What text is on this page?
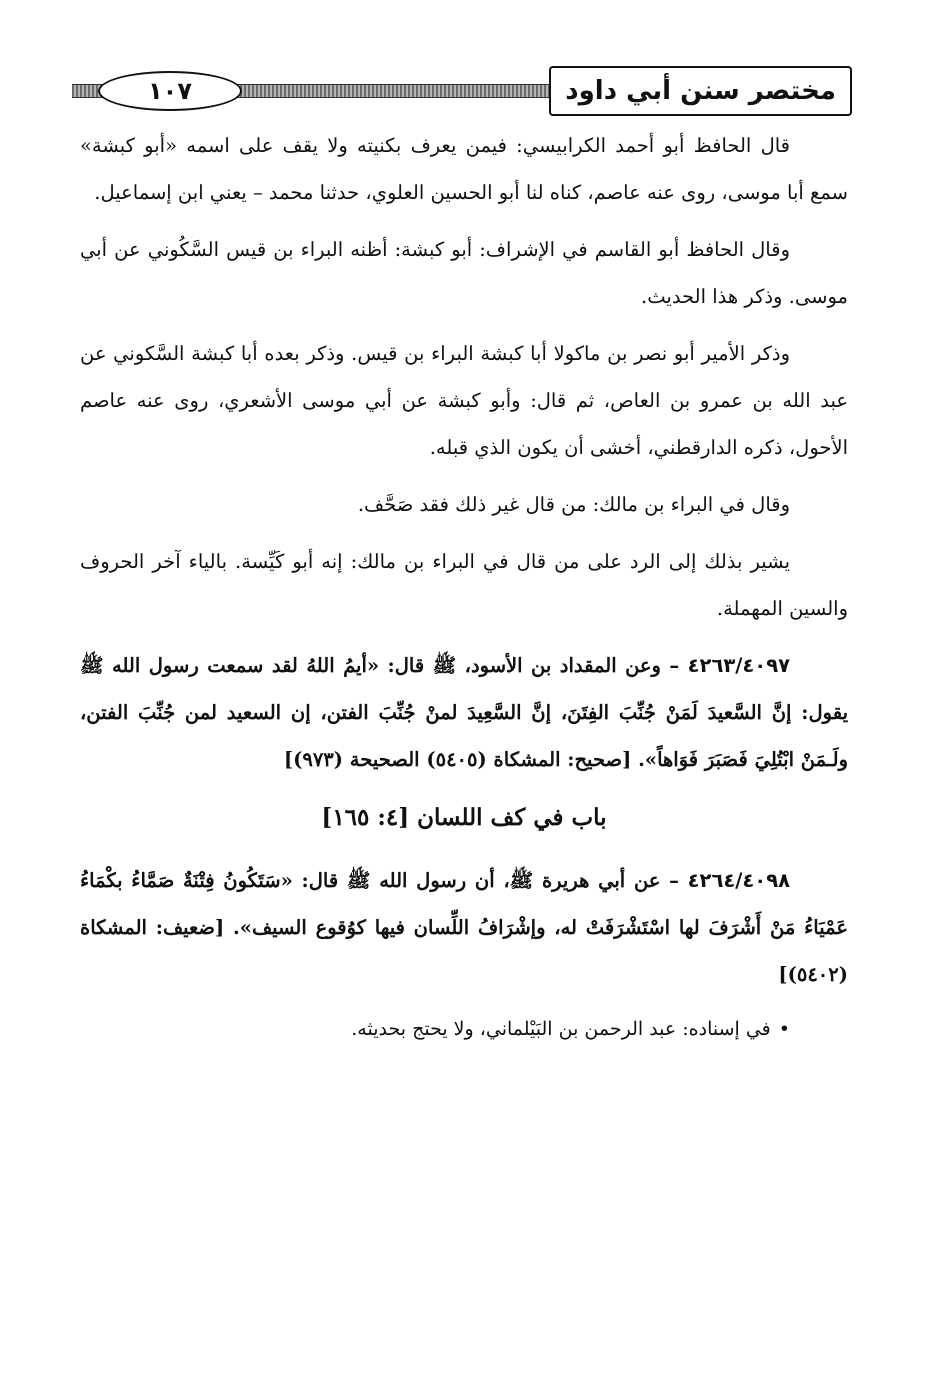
١٠٧	مختصر سنن أبي داود

قال الحافظ أبو أحمد الكرابيسي: فيمن يعرف بكنيته ولا يقف على اسمه «أبو كبشة» سمع أبا موسى، روى عنه عاصم، كناه لنا أبو الحسين العلوي، حدثنا محمد – يعني ابن إسماعيل.

وقال الحافظ أبو القاسم في الإشراف: أبو كبشة: أظنه البراء بن قيس السَّكُوني عن أبي موسى. وذكر هذا الحديث.

وذكر الأمير أبو نصر بن ماكولا أبا كبشة البراء بن قيس. وذكر بعده أبا كبشة السَّكوني عن عبد الله بن عمرو بن العاص، ثم قال: وأبو كبشة عن أبي موسى الأشعري، روى عنه عاصم الأحول، ذكره الدارقطني، أخشى أن يكون الذي قبله.

وقال في البراء بن مالك: من قال غير ذلك فقد صَحَّف.

يشير بذلك إلى الرد على من قال في البراء بن مالك: إنه أبو كَيِّسة. بالياء آخر الحروف والسين المهملة.

٤٢٦٣/٤٠٩٧ – وعن المقداد بن الأسود، ﷺ قال: «أيمُ اللهُ لقد سمعت رسول الله ﷺ يقول: إنَّ السَّعيدَ لَمَنْ جُنِّبَ الفِتَنَ، إنَّ السَّعِيدَ لمنْ جُنِّبَ الفتن، إن السعيد لمن جُنِّبَ الفتن، ولَـمَنْ ابْتُلِيَ فَصَبَرَ فَوَاهاً». [صحيح: المشكاة (٥٤٠٥) الصحيحة (٩٧٣)]

باب في كف اللسان [٤: ١٦٥]

٤٢٦٤/٤٠٩٨ – عن أبي هريرة ﷺ، أن رسول الله ﷺ قال: «سَتَكُونُ فِتْنَةٌ صَمَّاءُ بكْمَاءُ عَمْيَاءُ مَنْ أَشْرَفَ لها اسْتَشْرَفَتْ له، وإشْرَافُ اللِّسان فيها كوُقوع السيف». [ضعيف: المشكاة (٥٤٠٢)]

•في إسناده: عبد الرحمن بن البَيْلماني، ولا يحتج بحديثه.
